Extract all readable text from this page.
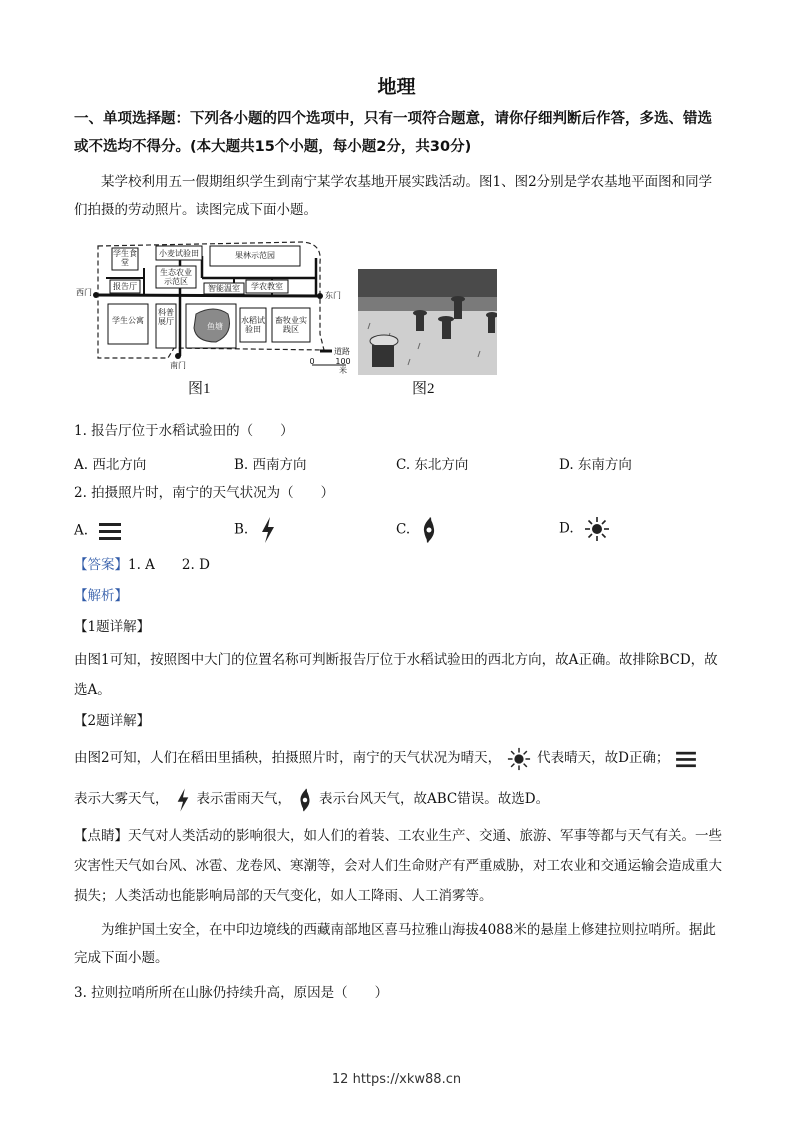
地理
一、单项选择题：下列各小题的四个选项中，只有一项符合题意，请你仔细判断后作答，多选、错选或不选均不得分。(本大题共15个小题，每小题2分，共30分)
某学校利用五一假期组织学生到南宁某学农基地开展实践活动。图1、图2分别是学农基地平面图和同学们拍摄的劳动照片。读图完成下面小题。
学生食堂
小麦试验田	果林示范园
生态农业示范区
报告厅	智能温室	学农教室
西门	东门
学生公寓
科普展厅
鱼塘
水稻试验田
畜牧业实践区
南门
道路
0	100米
图1	图2
1. 报告厅位于水稻试验田的（　　）
A. 西北方向	B. 西南方向	C. 东北方向	D. 东南方向
2. 拍摄照片时，南宁的天气状况为（　　）
A.	B.	C.	D.
【答案】1. A　　2. D
【解析】
【1题详解】
由图1可知，按照图中大门的位置名称可判断报告厅位于水稻试验田的西北方向，故A正确。故排除BCD，故选A。
【2题详解】
由图2可知，人们在稻田里插秧，拍摄照片时，南宁的天气状况为晴天，	代表晴天，故D正确；
表示大雾天气， 表示雷雨天气， 表示台风天气，故ABC错误。故选D。
【点睛】天气对人类活动的影响很大，如人们的着装、工农业生产、交通、旅游、军事等都与天气有关。一些灾害性天气如台风、冰雹、龙卷风、寒潮等，会对人们生命财产有严重威胁，对工农业和交通运输会造成重大损失；人类活动也能影响局部的天气变化，如人工降雨、人工消雾等。
为维护国土安全，在中印边境线的西藏南部地区喜马拉雅山海拔4088米的悬崖上修建拉则拉哨所。据此完成下面小题。
3. 拉则拉哨所所在山脉仍持续升高，原因是（　　）
12 https://xkw88.cn
